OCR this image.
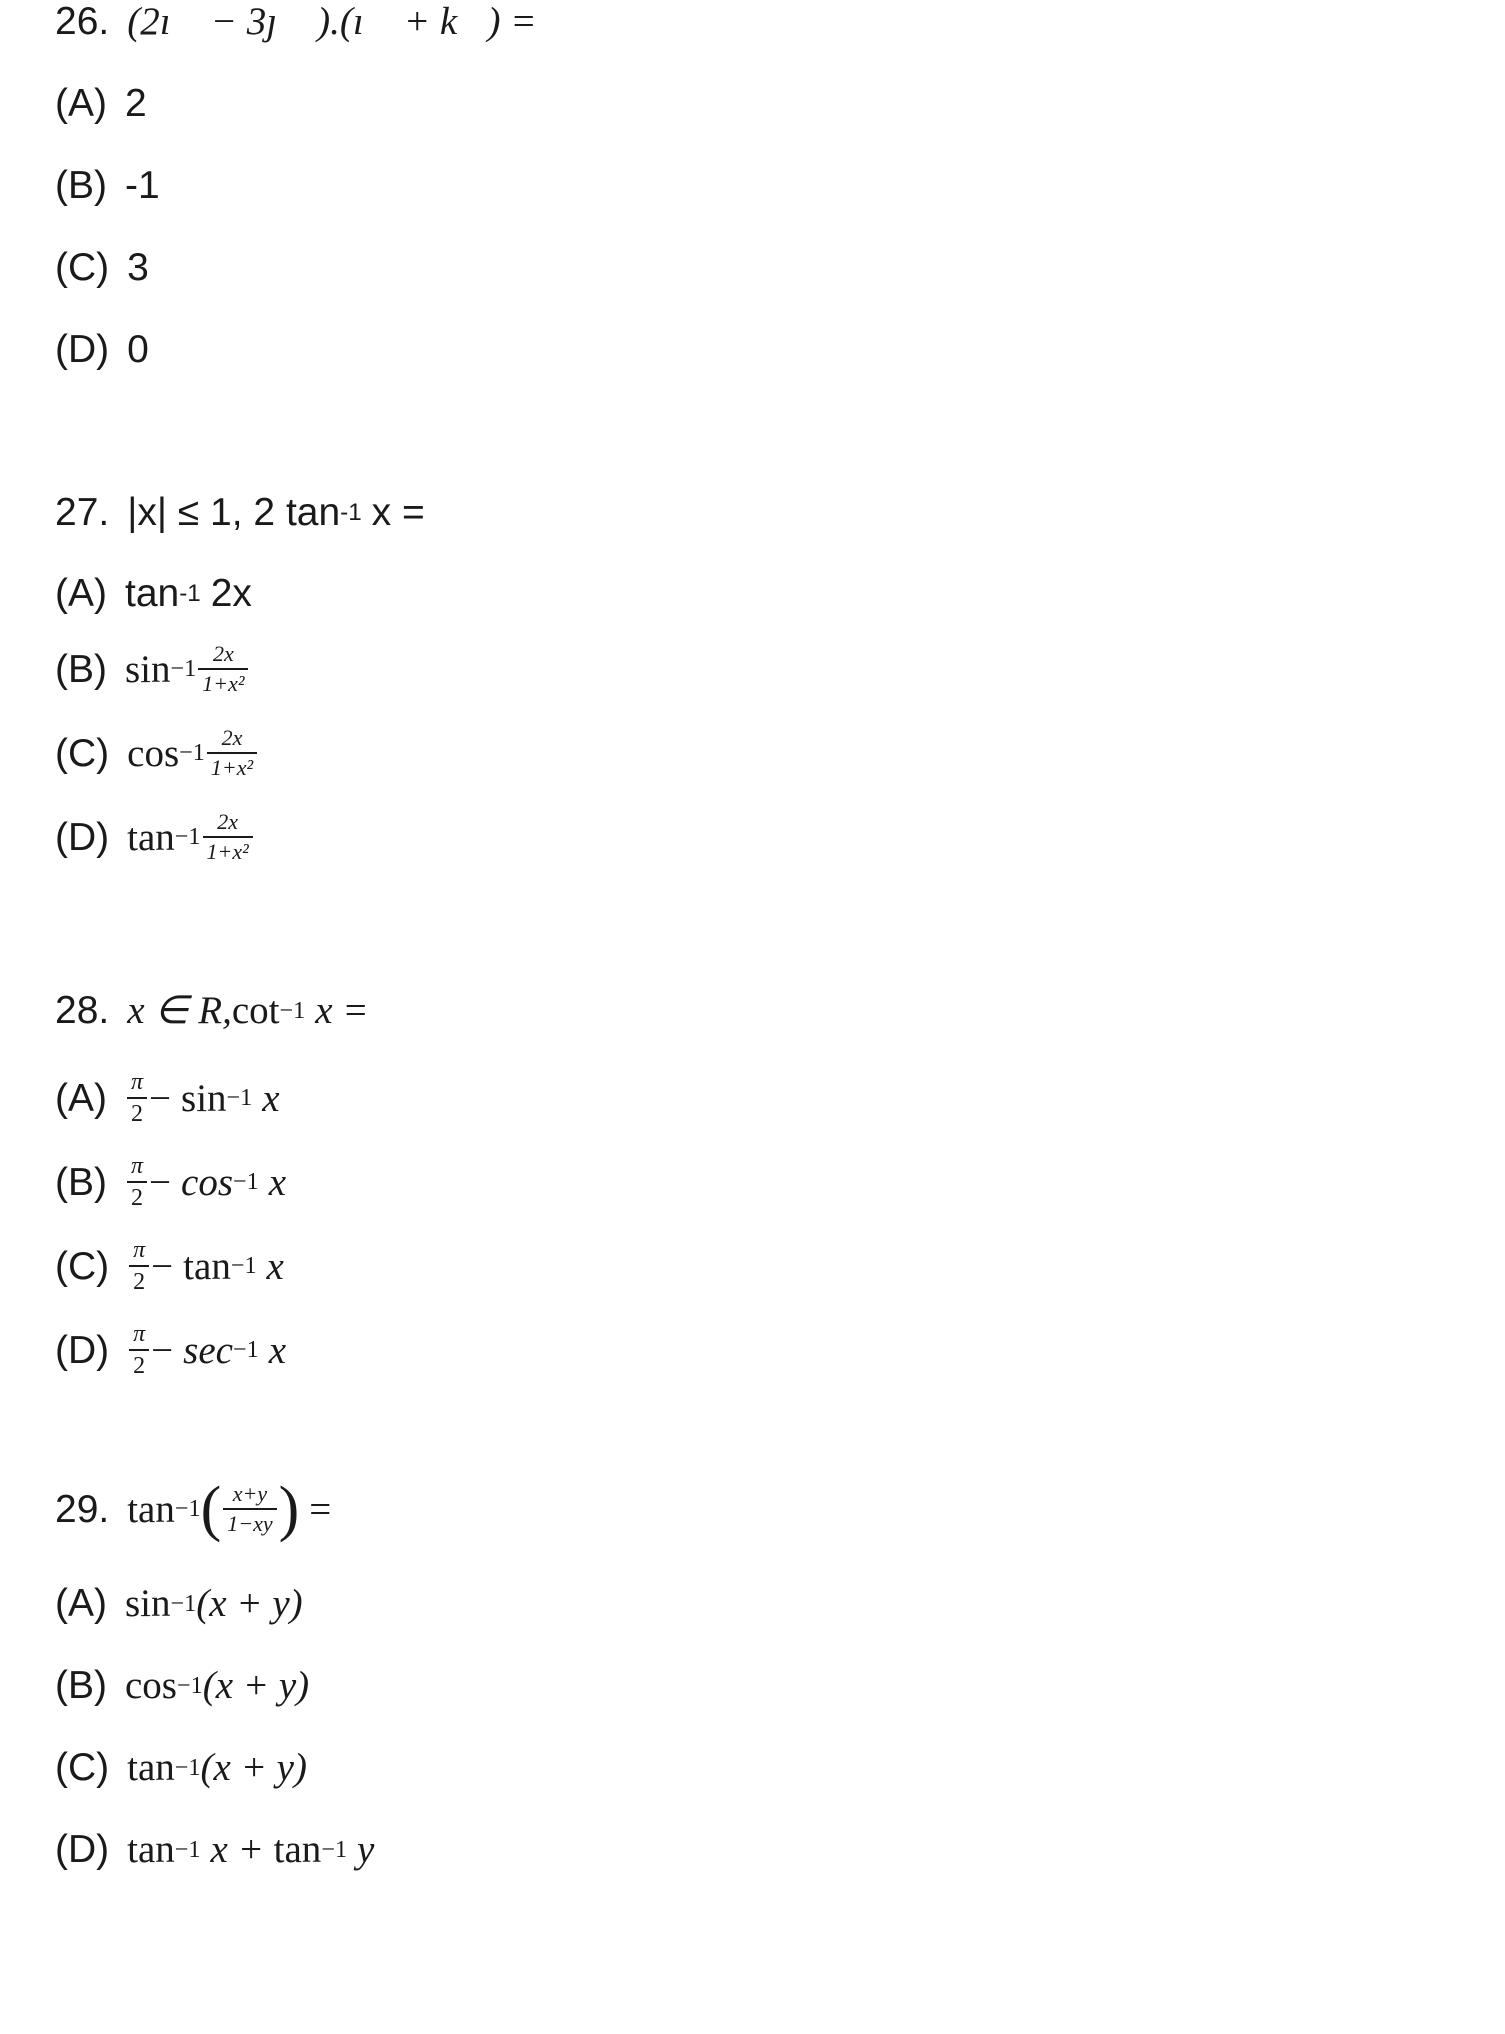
26. (2ı⃗ − 3ȷ⃗ ).(ı⃗ + k⃗) =
(A) 2
(B) -1
(C) 3
(D) 0
27. |x| ≤ 1, 2 tan -1 x =
(A) tan -1 2x
(B) $\sin -1 \frac{2x}{\text{1+x²}}$
(C) $\cos -1 \frac{2x}{\text{1+x²}}$
(D) $\tan -1 \frac{2x}{\text{1+x²}}$
28. x ∈ R, cot −1 x =
$(A) \frac{\pi}{2} - \sin -1$ x
$(B) \frac{\pi}{2} - \cos -1$ x
$(C) \frac{\pi}{2} - \tan -1$ x
$(D) \frac{\pi}{2} - \sec -1$ x
29. tan −1 ( $\frac{x+y}{1-xy}$ ) =
(A) sin −1 (x + y)
(B) cos −1 (x + y)
(C) tan −1 (x + y)
(D) tan −1 x + tan −1 y
